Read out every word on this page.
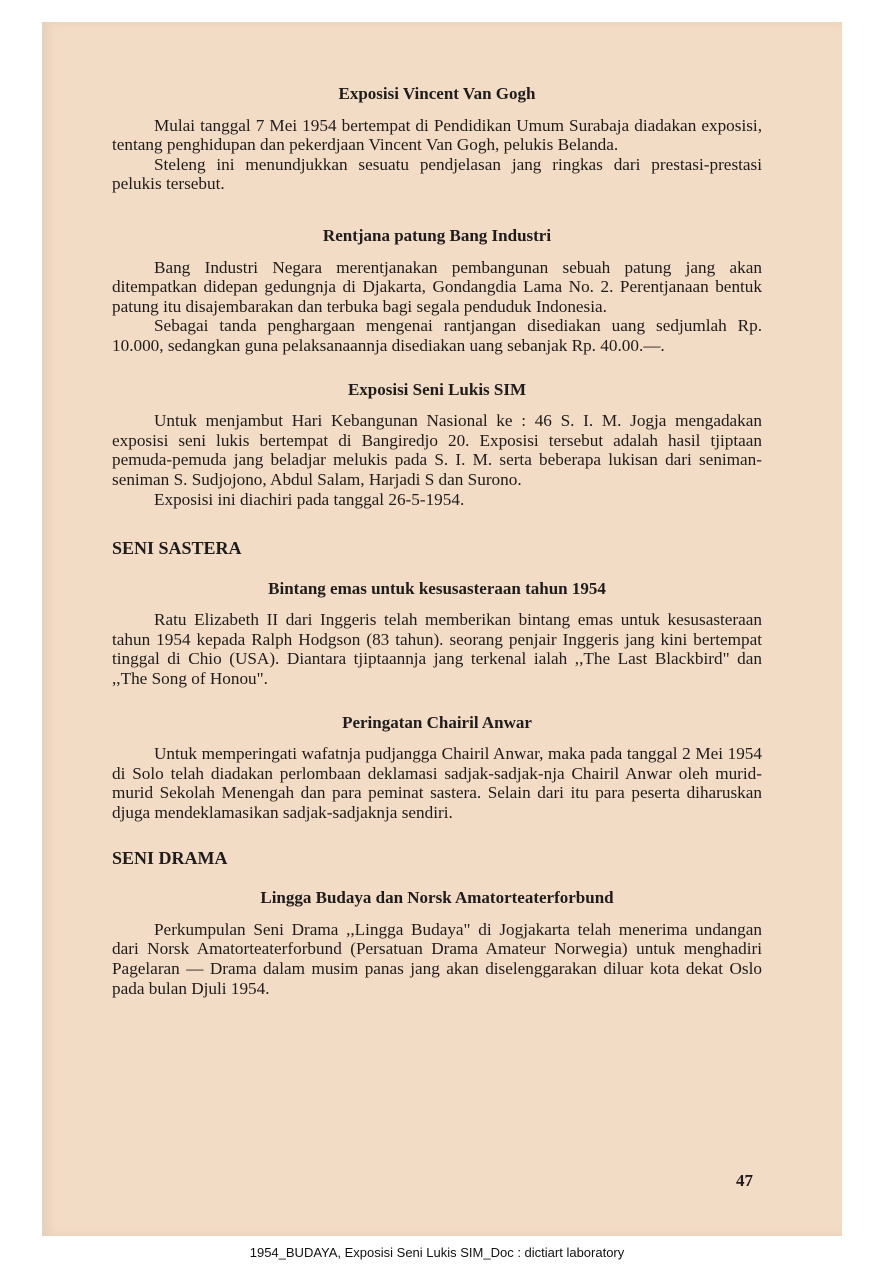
Exposisi Vincent Van Gogh

Mulai tanggal 7 Mei 1954 bertempat di Pendidikan Umum Surabaja diadakan exposisi, tentang penghidupan dan pekerdjaan Vincent Van Gogh, pelukis Belanda.

Steleng ini menundjukkan sesuatu pendjelasan jang ringkas dari prestasi-prestasi pelukis tersebut.

Rentjana patung Bang Industri

Bang Industri Negara merentjanakan pembangunan sebuah patung jang akan ditempatkan didepan gedungnja di Djakarta, Gondangdia Lama No. 2. Perentjanaan bentuk patung itu disajembarakan dan terbuka bagi segala penduduk Indonesia.

Sebagai tanda penghargaan mengenai rantjangan disediakan uang sedjumlah Rp. 10.000, sedangkan guna pelaksanaannja disediakan uang sebanjak Rp. 40.00.—.

Exposisi Seni Lukis SIM

Untuk menjambut Hari Kebangunan Nasional ke : 46 S. I. M. Jogja mengadakan exposisi seni lukis bertempat di Bangiredjo 20. Exposisi tersebut adalah hasil tjiptaan pemuda-pemuda jang beladjar melukis pada S. I. M. serta beberapa lukisan dari seniman-seniman S. Sudjojono, Abdul Salam, Harjadi S dan Surono.

Exposisi ini diachiri pada tanggal 26-5-1954.

SENI SASTERA
Bintang emas untuk kesusasteraan tahun 1954

Ratu Elizabeth II dari Inggeris telah memberikan bintang emas untuk kesusasteraan tahun 1954 kepada Ralph Hodgson (83 tahun). seorang penjair Inggeris jang kini bertempat tinggal di Chio (USA). Diantara tjiptaannja jang terkenal ialah ,,The Last Blackbird" dan ,,The Song of Honou".

Peringatan Chairil Anwar

Untuk memperingati wafatnja pudjangga Chairil Anwar, maka pada tanggal 2 Mei 1954 di Solo telah diadakan perlombaan deklamasi sadjak-sadjak-nja Chairil Anwar oleh murid-murid Sekolah Menengah dan para peminat sastera. Selain dari itu para peserta diharuskan djuga mendeklamasikan sadjak-sadjaknja sendiri.

SENI DRAMA
Lingga Budaya dan Norsk Amatorteaterforbund

Perkumpulan Seni Drama ,,Lingga Budaya" di Jogjakarta telah menerima undangan dari Norsk Amatorteaterforbund (Persatuan Drama Amateur Norwegia) untuk menghadiri Pagelaran — Drama dalam musim panas jang akan diselenggarakan diluar kota dekat Oslo pada bulan Djuli 1954.

47
1954_BUDAYA, Exposisi Seni Lukis SIM_Doc : dictiart laboratory
